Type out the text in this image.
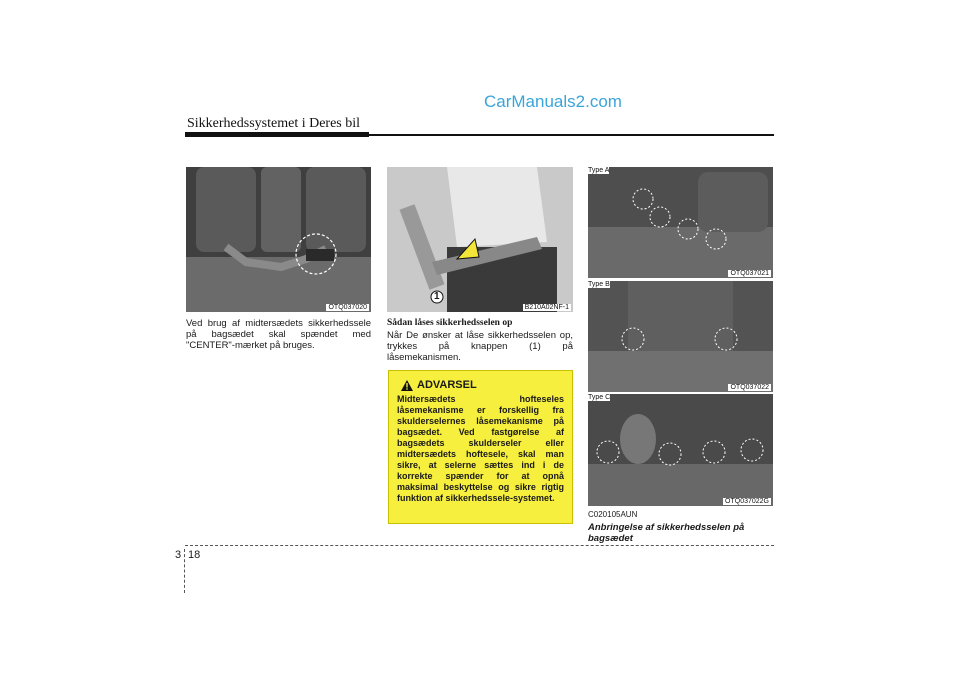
CarManuals2.com
Sikkerhedssystemet i Deres bil
OTQ037020
Ved brug af midtersædets sikkerhedssele på bagsædet skal spændet med "CENTER"-mærket på bruges.
1
B210A02NF-1
Sådan låses sikkerhedsselen op
Når De ønsker at låse sikkerhedsselen op, trykkes på knappen (1) på låsemekanismen.
ADVARSEL
Midtersædets hofteseles låsemekanisme er forskellig fra skulderselernes låsemekanisme på bagsædet. Ved fastgørelse af bagsædets skulderseler eller midtersædets hoftesele, skal man sikre, at selerne sættes ind i de korrekte spænder for at opnå maksimal beskyttelse og sikre rigtig funktion af sikkerhedssele-systemet.
Type A
OTQ037021
Type B
OTQ037022
Type C
OTQ037022G
C020105AUN
Anbringelse af sikkerhedsselen på bagsædet
3 18
